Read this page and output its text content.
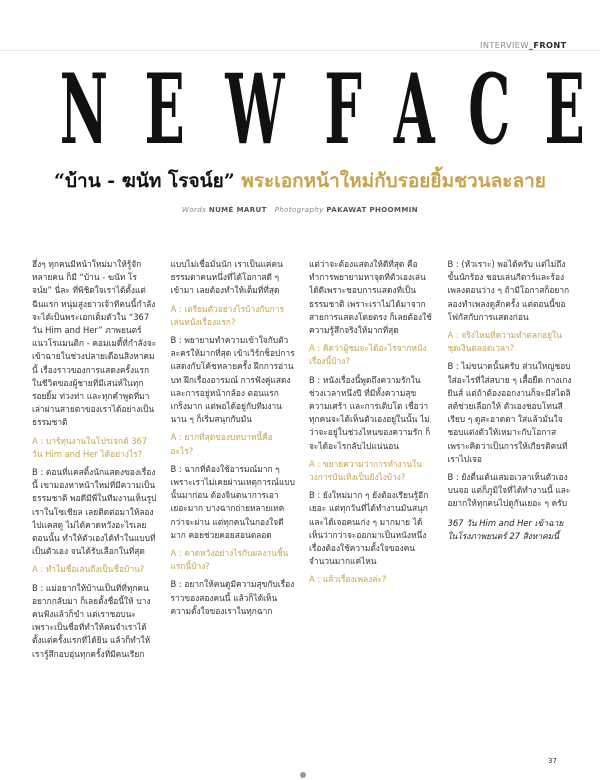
INTERVIEW_FRONT
N E W F A C E
“บ้าน - ฆนัท โรจน์ย” พระเอกหน้าใหม่กับรอยยิ้มชวนละลาย
Words NUMÉ MARUT Photography PAKAWAT PHOOMMIN

ฮึ่งๆ ทุกคนมีหน้าใหม่มาให้รู้จักหลายคน ก็มี “บ้าน - ฆนัท โรจน์ย” นี่ละ ที่พิชิตใจเราได้ตั้งแต่ฉีนแรก หนุ่มสูงยาวเจ้าทีคนนี้กำลังจะได้เป็นพระเอกเต็มตัวใน “367 วัน Him and Her” ภาพยนตร์แนวโรแมนติก - คอมเมดี้ที่กำลังจะเข้าฉายในช่วงปลายเดือนสิงหาคมนี้ เรื่องราวของการแสดงครั้งแรกในชีวิตของผู้ชายที่มีเสน่ห์ในทุกรอยยิ้ม ท่วงท่า และทุกคำพูดที่มาเล่าผ่านสายตาของเราได้อย่างเป็นธรรมชาติ

A : บาร์ทุนงานในโปรเจกต์ 367 วัน Him and Her ได้อย่างไร?

B : ตอนที่แคสติ้งนักแสดงของเรื่องนี้ เขามองหาหน้าใหม่ที่มีความเป็นธรรมชาติ พอดีมีพี่ในทีมงานเห็นรูปเราในโซเชียล เลยติดต่อมาให้ลองไปแคสดู ไม่ได้คาดหวังอะไรเลยตอนนั้น ทำให้ตัวเองได้ทำในแบบที่เป็นตัวเอง จนได้รับเลือกในที่สุด

A : ทำไมชื่อเล่นถึงเป็นชื่อบ้าน?

B : แม่อยากให้บ้านเป็นที่ที่ทุกคนอยากกลับมา ก็เลยตั้งชื่อนี้ให้ บางคนฟังแล้วก็ขำ แต่เราชอบนะ เพราะเป็นชื่อที่ทำให้คนจำเราได้ตั้งแต่ครั้งแรกที่ได้ยิน แล้วก็ทำให้เรารู้สึกอบอุ่นทุกครั้งที่มีคนเรียก

แบบไม่เชื่อมั่นนัก เราเป็นแค่คนธรรมดาคนหนึ่งที่ได้โอกาสดี ๆ เข้ามา เลยต้องทำให้เต็มที่ที่สุด

A : เตรียมตัวอย่างไรบ้างกับการเล่นหนังเรื่องแรก?

B : พยายามทำความเข้าใจกับตัวละครให้มากที่สุด เข้าเวิร์กช็อปการแสดงกับโค้ชหลายครั้ง ฝึกการอ่านบท ฝึกเรื่องอารมณ์ การฟังคู่แสดง และการอยู่หน้ากล้อง ตอนแรกเกร็งมาก แต่พอได้อยู่กับทีมงานนาน ๆ ก็เริ่มสนุกกับมัน

A : ยากที่สุดของบทบาทนี้คืออะไร?

B : ฉากที่ต้องใช้อารมณ์มาก ๆ เพราะเราไม่เคยผ่านเหตุการณ์แบบนั้นมาก่อน ต้องจินตนาการเอาเยอะมาก บางฉากถ่ายหลายเทคกว่าจะผ่าน แต่ทุกคนในกองใจดีมาก คอยช่วยคอยสอนตลอด

A : คาดหวังอย่างไรกับผลงานชิ้นแรกนี้บ้าง?

B : อยากให้คนดูมีความสุขกับเรื่องราวของสองคนนี้ แล้วก็ได้เห็นความตั้งใจของเราในทุกฉาก

แต่ว่าจะต้องแสดงให้ดีที่สุด คือทำการพยายามหาจุดที่ตัวเองเล่นได้ดีเพราะชอบการแสดงที่เป็นธรรมชาติ เพราะเราไม่ได้มาจากสายการแสดงโดยตรง ก็เลยต้องใช้ความรู้สึกจริงให้มากที่สุด

A : คิดว่าผู้ชมจะได้อะไรจากหนังเรื่องนี้บ้าง?

B : หนังเรื่องนี้พูดถึงความรักในช่วงเวลาหนึ่งปี ที่มีทั้งความสุข ความเศร้า และการเติบโต เชื่อว่าทุกคนจะได้เห็นตัวเองอยู่ในนั้น ไม่ว่าจะอยู่ในช่วงไหนของความรัก ก็จะได้อะไรกลับไปแน่นอน

A : ขยายความว่าการทำงานในวงการบันเทิงเป็นยังไงบ้าง?

B : ยังใหม่มาก ๆ ยังต้องเรียนรู้อีกเยอะ แต่ทุกวันที่ได้ทำงานมันสนุกและได้เจอคนเก่ง ๆ มากมาย ได้เห็นว่ากว่าจะออกมาเป็นหนังหนึ่งเรื่องต้องใช้ความตั้งใจของคนจำนวนมากแค่ไหน

A : แล้วเรื่องเพลงล่ะ?

B : (หัวเราะ) พอได้ครับ แต่ไม่ถึงขั้นนักร้อง ชอบเล่นกีตาร์และร้องเพลงตอนว่าง ๆ ถ้ามีโอกาสก็อยากลองทำเพลงดูสักครั้ง แต่ตอนนี้ขอโฟกัสกับการแสดงก่อน

A : จริงไหมที่ความทำตลกอยู่ในชุดเงินตลอดเวลา?

B : ไม่ขนาดนั้นครับ ส่วนใหญ่ชอบใส่อะไรที่ใส่สบาย ๆ เสื้อยืด กางเกงยีนส์ แต่ถ้าต้องออกงานก็จะมีสไตลิสต์ช่วยเลือกให้ ตัวเองชอบโทนสีเรียบ ๆ ดูสะอาดตา ใส่แล้วมั่นใจ ชอบแต่งตัวให้เหมาะกับโอกาส เพราะคิดว่าเป็นการให้เกียรติคนที่เราไปเจอ

B : ยังตื่นเต้นเสมอเวลาเห็นตัวเองบนจอ แต่ก็ภูมิใจที่ได้ทำงานนี้ และอยากให้ทุกคนไปดูกันเยอะ ๆ ครับ

367 วัน Him and Her เข้าฉายในโรงภาพยนตร์ 27 สิงหาคมนี้

37
